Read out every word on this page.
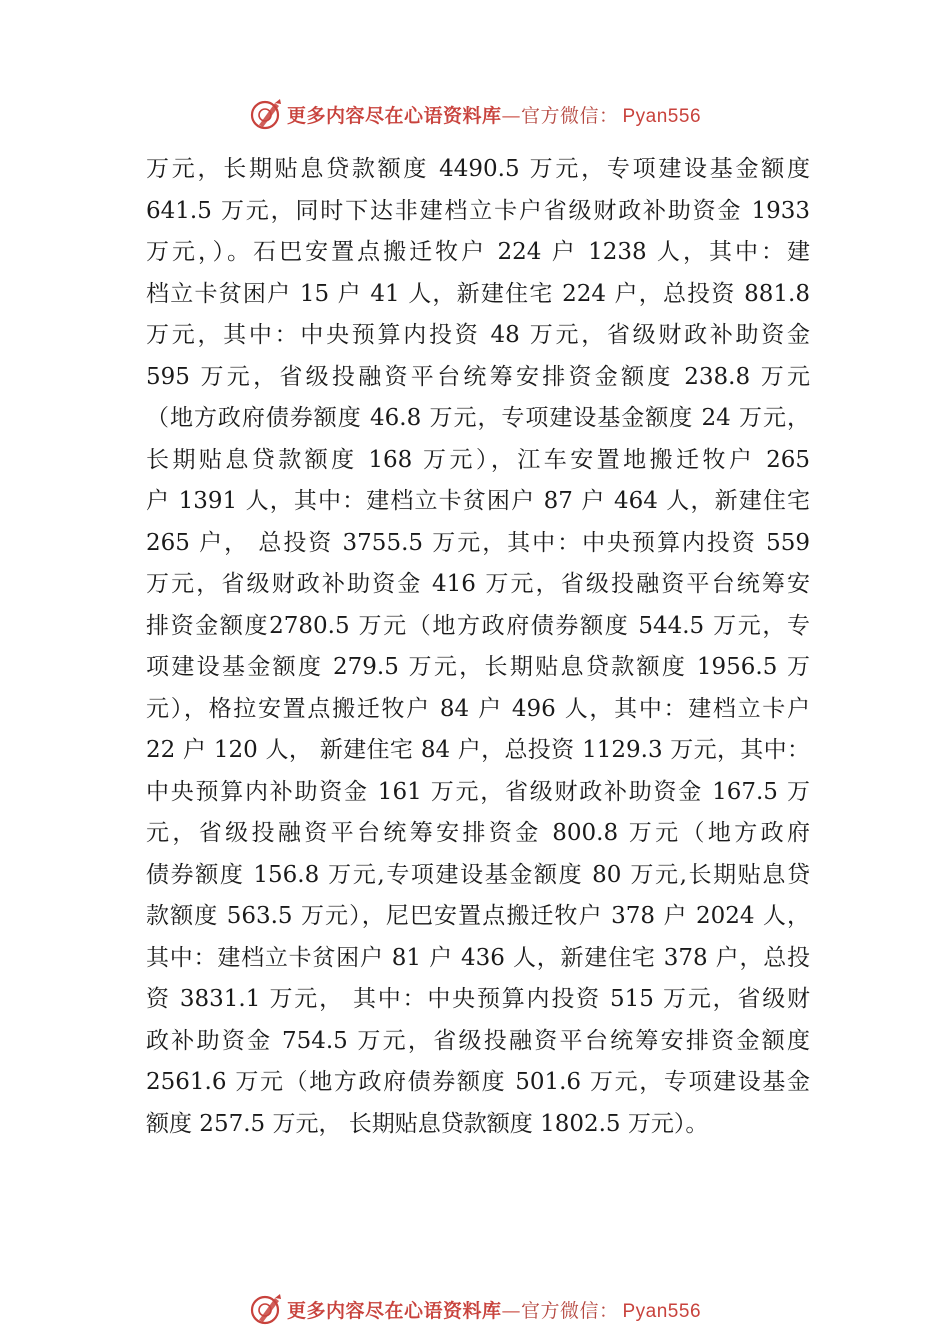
更多内容尽在心语资料库—官方微信： Pyan556
万元，长期贴息贷款额度 4490.5 万元，专项建设基金额度
641.5 万元，同时下达非建档立卡户省级财政补助资金 1933
万元，）。石巴安置点搬迁牧户 224 户 1238 人，其中：建
档立卡贫困户 15 户 41 人，新建住宅 224 户，总投资 881.8
万元，其中：中央预算内投资 48 万元，省级财政补助资金
595 万元，省级投融资平台统筹安排资金额度 238.8 万元
（地方政府债券额度 46.8 万元，专项建设基金额度 24 万元，
长期贴息贷款额度 168 万元），江车安置地搬迁牧户 265
户 1391 人，其中：建档立卡贫困户 87 户 464 人，新建住宅
265 户， 总投资 3755.5 万元，其中：中央预算内投资 559
万元，省级财政补助资金 416 万元，省级投融资平台统筹安
排资金额度2780.5 万元（地方政府债券额度 544.5 万元，专
项建设基金额度 279.5 万元，长期贴息贷款额度 1956.5 万
元），格拉安置点搬迁牧户 84 户 496 人，其中：建档立卡户
22 户 120 人， 新建住宅 84 户，总投资 1129.3 万元，其中：
中央预算内补助资金 161 万元，省级财政补助资金 167.5 万
元，省级投融资平台统筹安排资金 800.8 万元（地方政府
债券额度 156.8 万元,专项建设基金额度 80 万元,长期贴息贷
款额度 563.5 万元），尼巴安置点搬迁牧户 378 户 2024 人，
其中：建档立卡贫困户 81 户 436 人，新建住宅 378 户，总投
资 3831.1 万元， 其中：中央预算内投资 515 万元，省级财
政补助资金 754.5 万元，省级投融资平台统筹安排资金额度
2561.6 万元（地方政府债券额度 501.6 万元，专项建设基金
额度 257.5 万元， 长期贴息贷款额度 1802.5 万元）。
更多内容尽在心语资料库—官方微信： Pyan556
